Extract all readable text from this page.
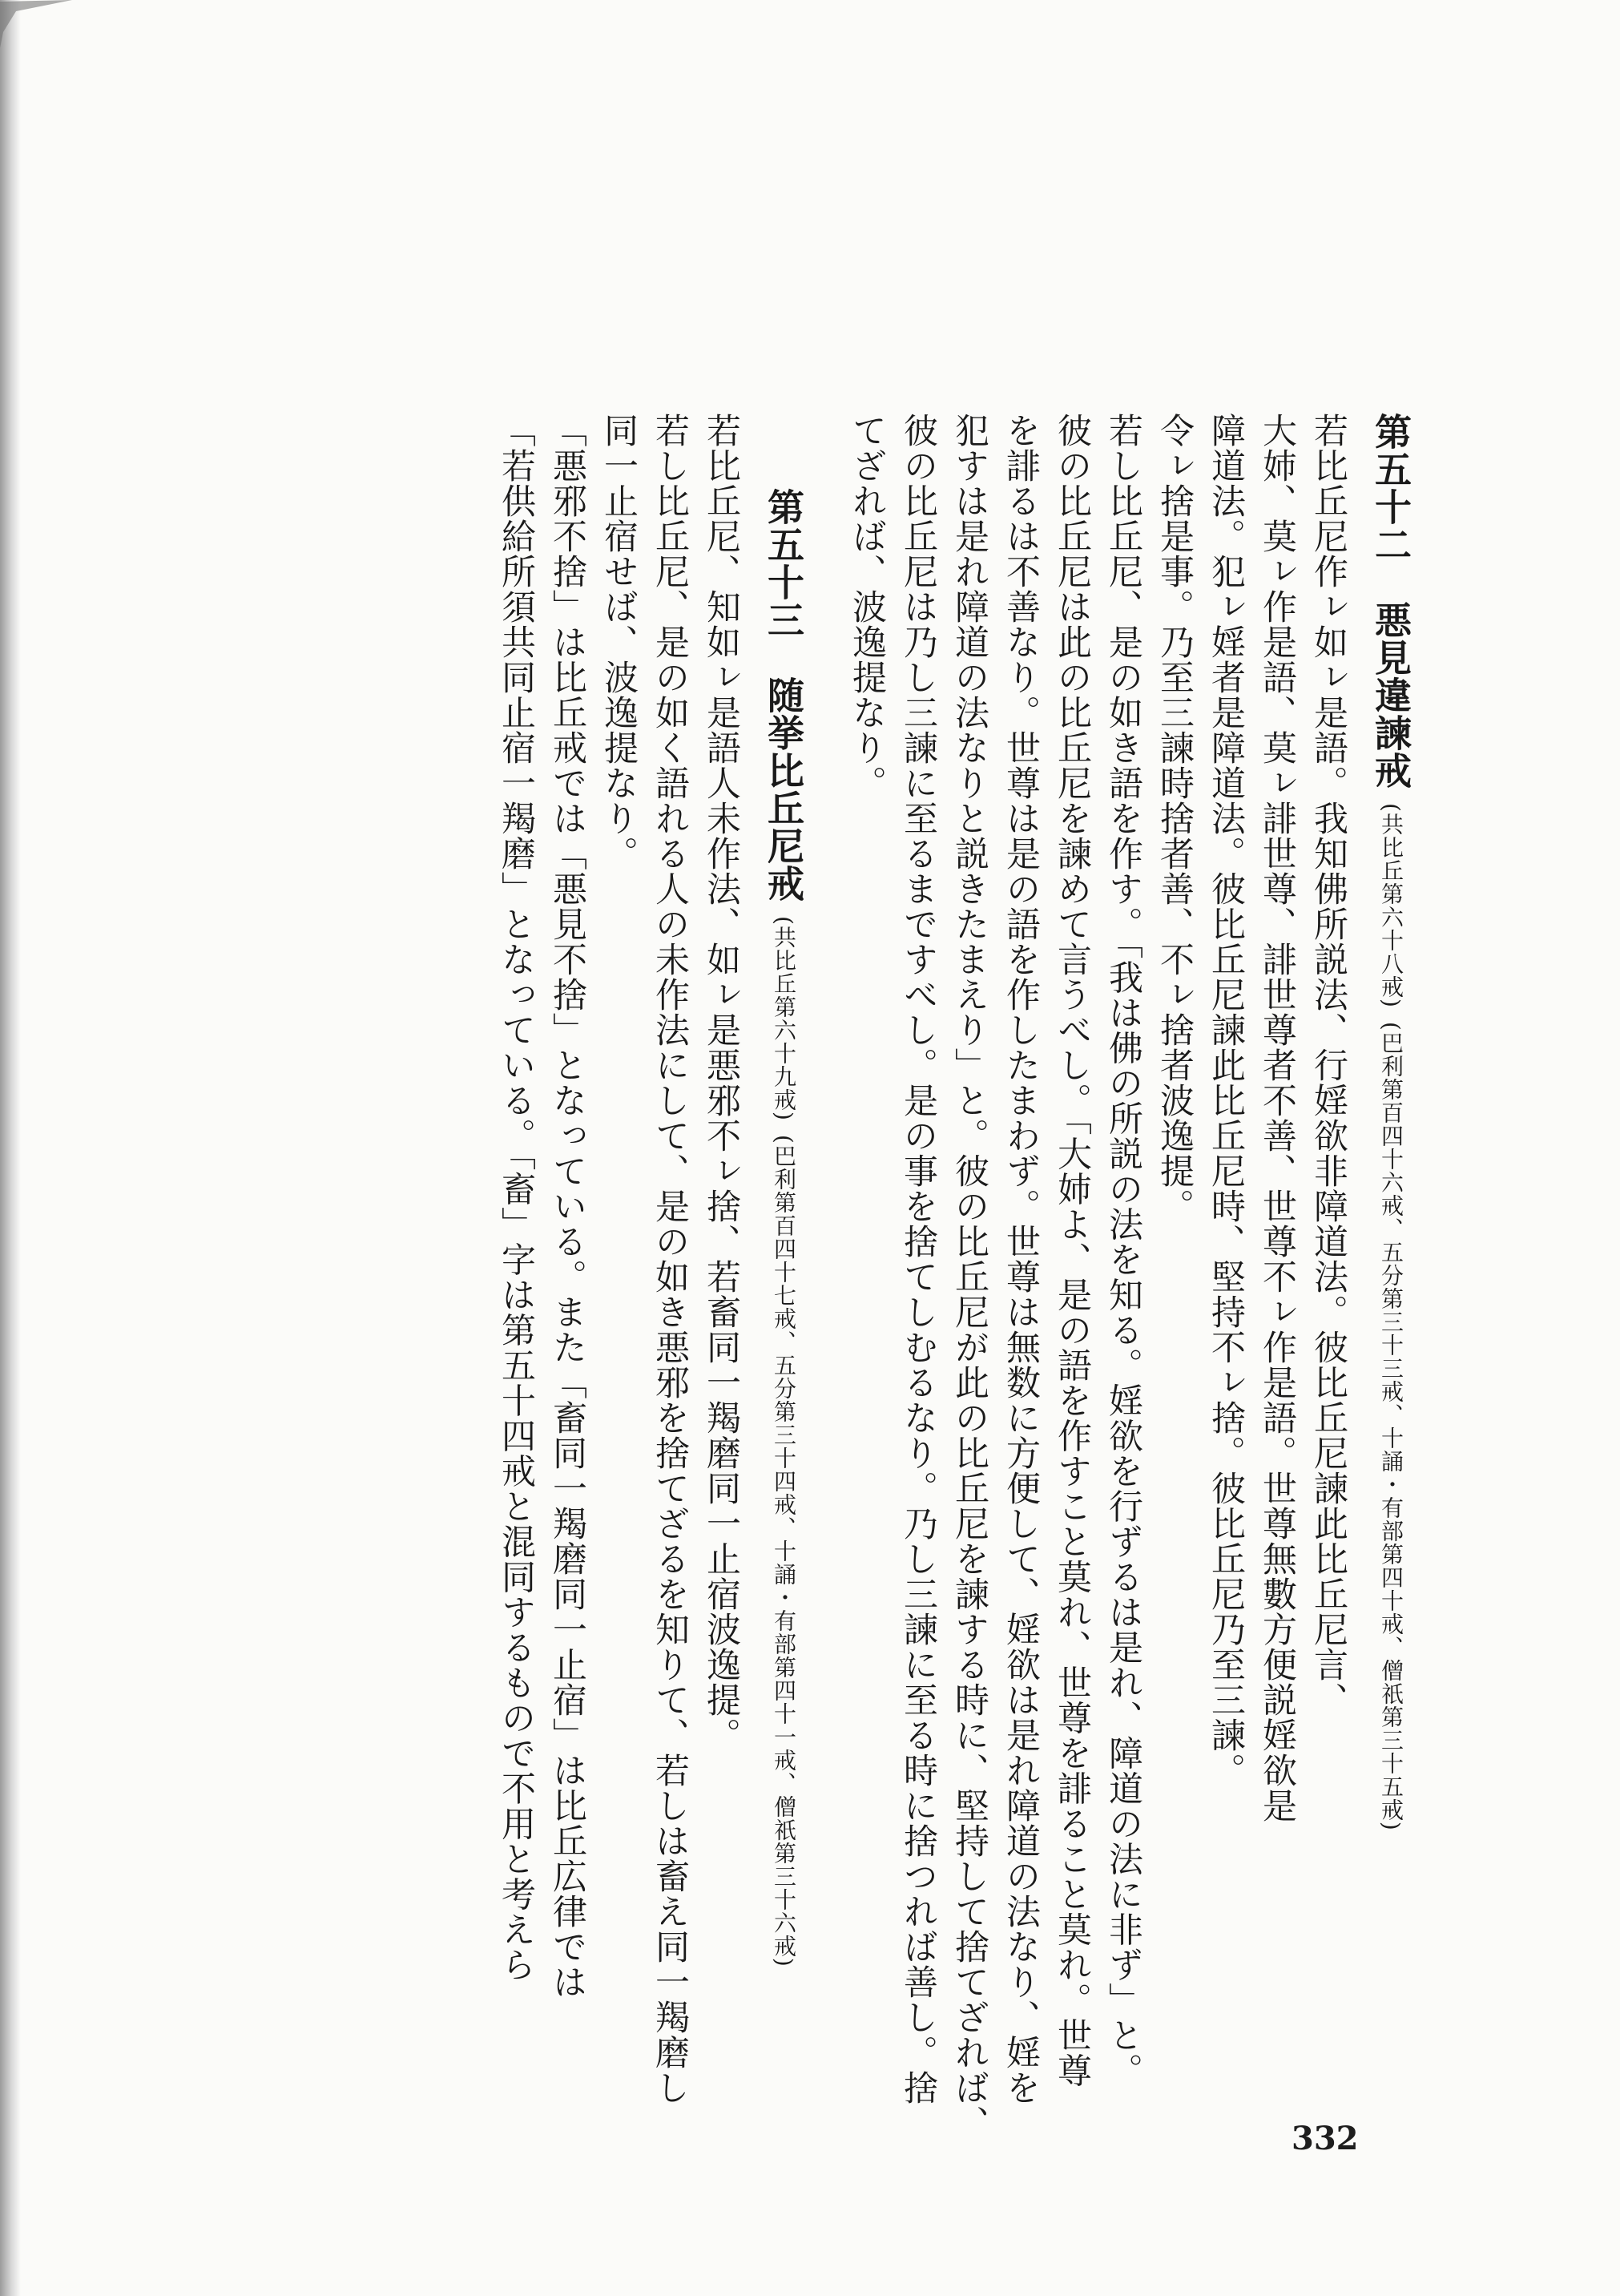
第五十二　悪見違諫戒 (共比丘第六十八戒) (巴利第百四十六戒、五分第三十三戒、十誦・有部第四十戒、僧祇第三十五戒)
若比丘尼作ㇾ如ㇾ是語。我知佛所説法、行婬欲非障道法。彼比丘尼諫此比丘尼言、
大姉、莫ㇾ作是語、莫ㇾ誹世尊、誹世尊者不善、世尊不ㇾ作是語。世尊無數方便説婬欲是
障道法。犯ㇾ婬者是障道法。彼比丘尼諫此比丘尼時、堅持不ㇾ捨。彼比丘尼乃至三諫。
令ㇾ捨是事。乃至三諫時捨者善、不ㇾ捨者波逸提。
若し比丘尼、是の如き語を作す。「我は佛の所説の法を知る。婬欲を行ずるは是れ、障道の法に非ず」と。
彼の比丘尼は此の比丘尼を諫めて言うべし。「大姉よ、是の語を作すこと莫れ、世尊を誹ること莫れ。世尊
を誹るは不善なり。世尊は是の語を作したまわず。世尊は無数に方便して、婬欲は是れ障道の法なり、婬を
犯すは是れ障道の法なりと説きたまえり」と。彼の比丘尼が此の比丘尼を諫する時に、堅持して捨てざれば、
彼の比丘尼は乃し三諫に至るまですべし。是の事を捨てしむるなり。乃し三諫に至る時に捨つれば善し。捨
てざれば、波逸提なり。
　　第五十三　随挙比丘尼戒 (共比丘第六十九戒) (巴利第百四十七戒、五分第三十四戒、十誦・有部第四十一戒、僧祇第三十六戒)
若比丘尼、知如ㇾ是語人未作法、如ㇾ是悪邪不ㇾ捨、若畜同一羯磨同一止宿波逸提。
若し比丘尼、是の如く語れる人の未作法にして、是の如き悪邪を捨てざるを知りて、若しは畜え同一羯磨し
同一止宿せば、波逸提なり。
「悪邪不捨」は比丘戒では「悪見不捨」となっている。また「畜同一羯磨同一止宿」は比丘広律では
「若供給所須共同止宿一羯磨」となっている。「畜」字は第五十四戒と混同するもので不用と考えら
332
